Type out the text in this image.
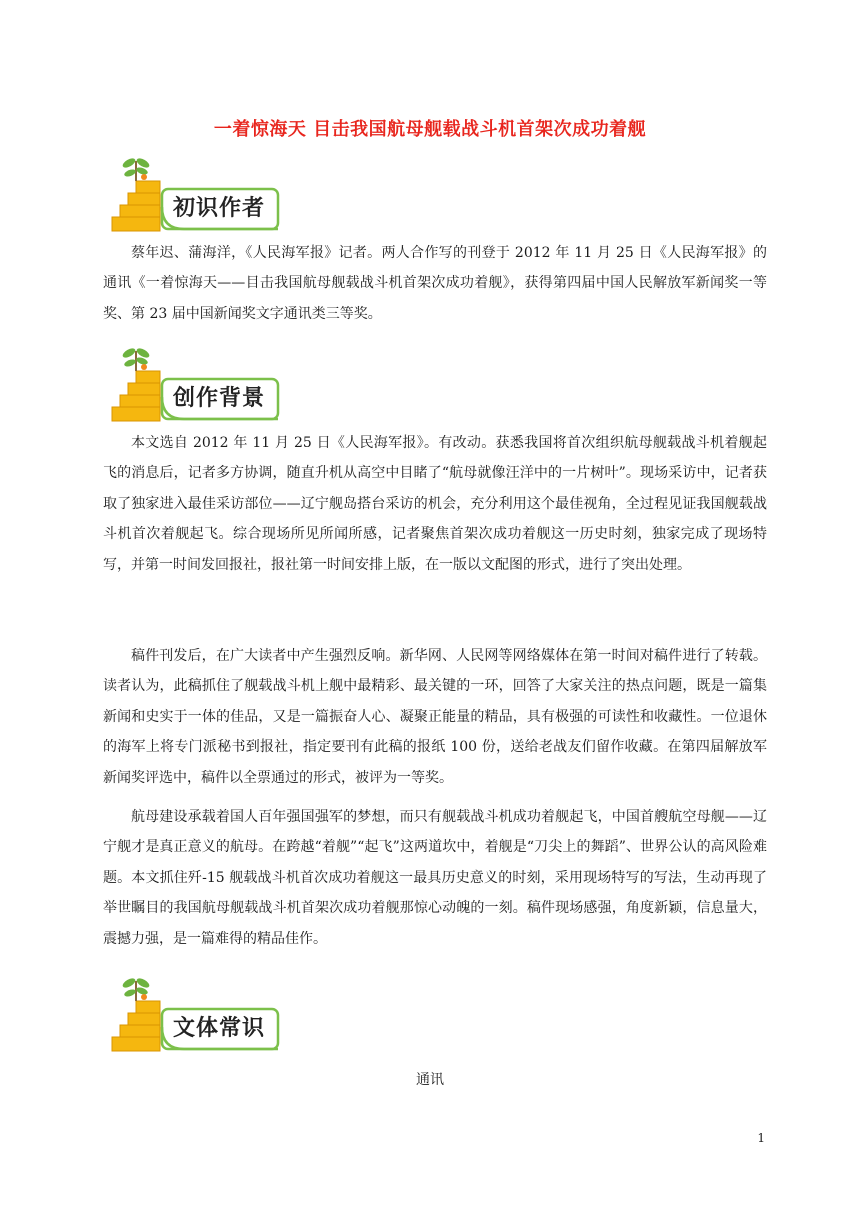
一着惊海天 目击我国航母舰载战斗机首架次成功着舰
初识作者

蔡年迟、蒲海洋，《人民海军报》记者。两人合作写的刊登于 2012 年 11 月 25 日《人民海军报》的通讯《一着惊海天——目击我国航母舰载战斗机首架次成功着舰》，获得第四届中国人民解放军新闻奖一等奖、第 23 届中国新闻奖文字通讯类三等奖。

创作背景

本文选自 2012 年 11 月 25 日《人民海军报》。有改动。获悉我国将首次组织航母舰载战斗机着舰起飞的消息后，记者多方协调，随直升机从高空中目睹了“航母就像汪洋中的一片树叶”。现场采访中，记者获取了独家进入最佳采访部位——辽宁舰岛搭台采访的机会，充分利用这个最佳视角，全过程见证我国舰载战斗机首次着舰起飞。综合现场所见所闻所感，记者聚焦首架次成功着舰这一历史时刻，独家完成了现场特写，并第一时间发回报社，报社第一时间安排上版，在一版以文配图的形式，进行了突出处理。

稿件刊发后，在广大读者中产生强烈反响。新华网、人民网等网络媒体在第一时间对稿件进行了转载。读者认为，此稿抓住了舰载战斗机上舰中最精彩、最关键的一环，回答了大家关注的热点问题，既是一篇集新闻和史实于一体的佳品，又是一篇振奋人心、凝聚正能量的精品，具有极强的可读性和收藏性。一位退休的海军上将专门派秘书到报社，指定要刊有此稿的报纸 100 份，送给老战友们留作收藏。在第四届解放军新闻奖评选中，稿件以全票通过的形式，被评为一等奖。

航母建设承载着国人百年强国强军的梦想，而只有舰载战斗机成功着舰起飞，中国首艘航空母舰——辽宁舰才是真正意义的航母。在跨越“着舰”“起飞”这两道坎中，着舰是“刀尖上的舞蹈”、世界公认的高风险难题。本文抓住歼-15 舰载战斗机首次成功着舰这一最具历史意义的时刻，采用现场特写的写法，生动再现了举世瞩目的我国航母舰载战斗机首架次成功着舰那惊心动魄的一刻。稿件现场感强，角度新颖，信息量大，震撼力强，是一篇难得的精品佳作。

文体常识
通讯
1
